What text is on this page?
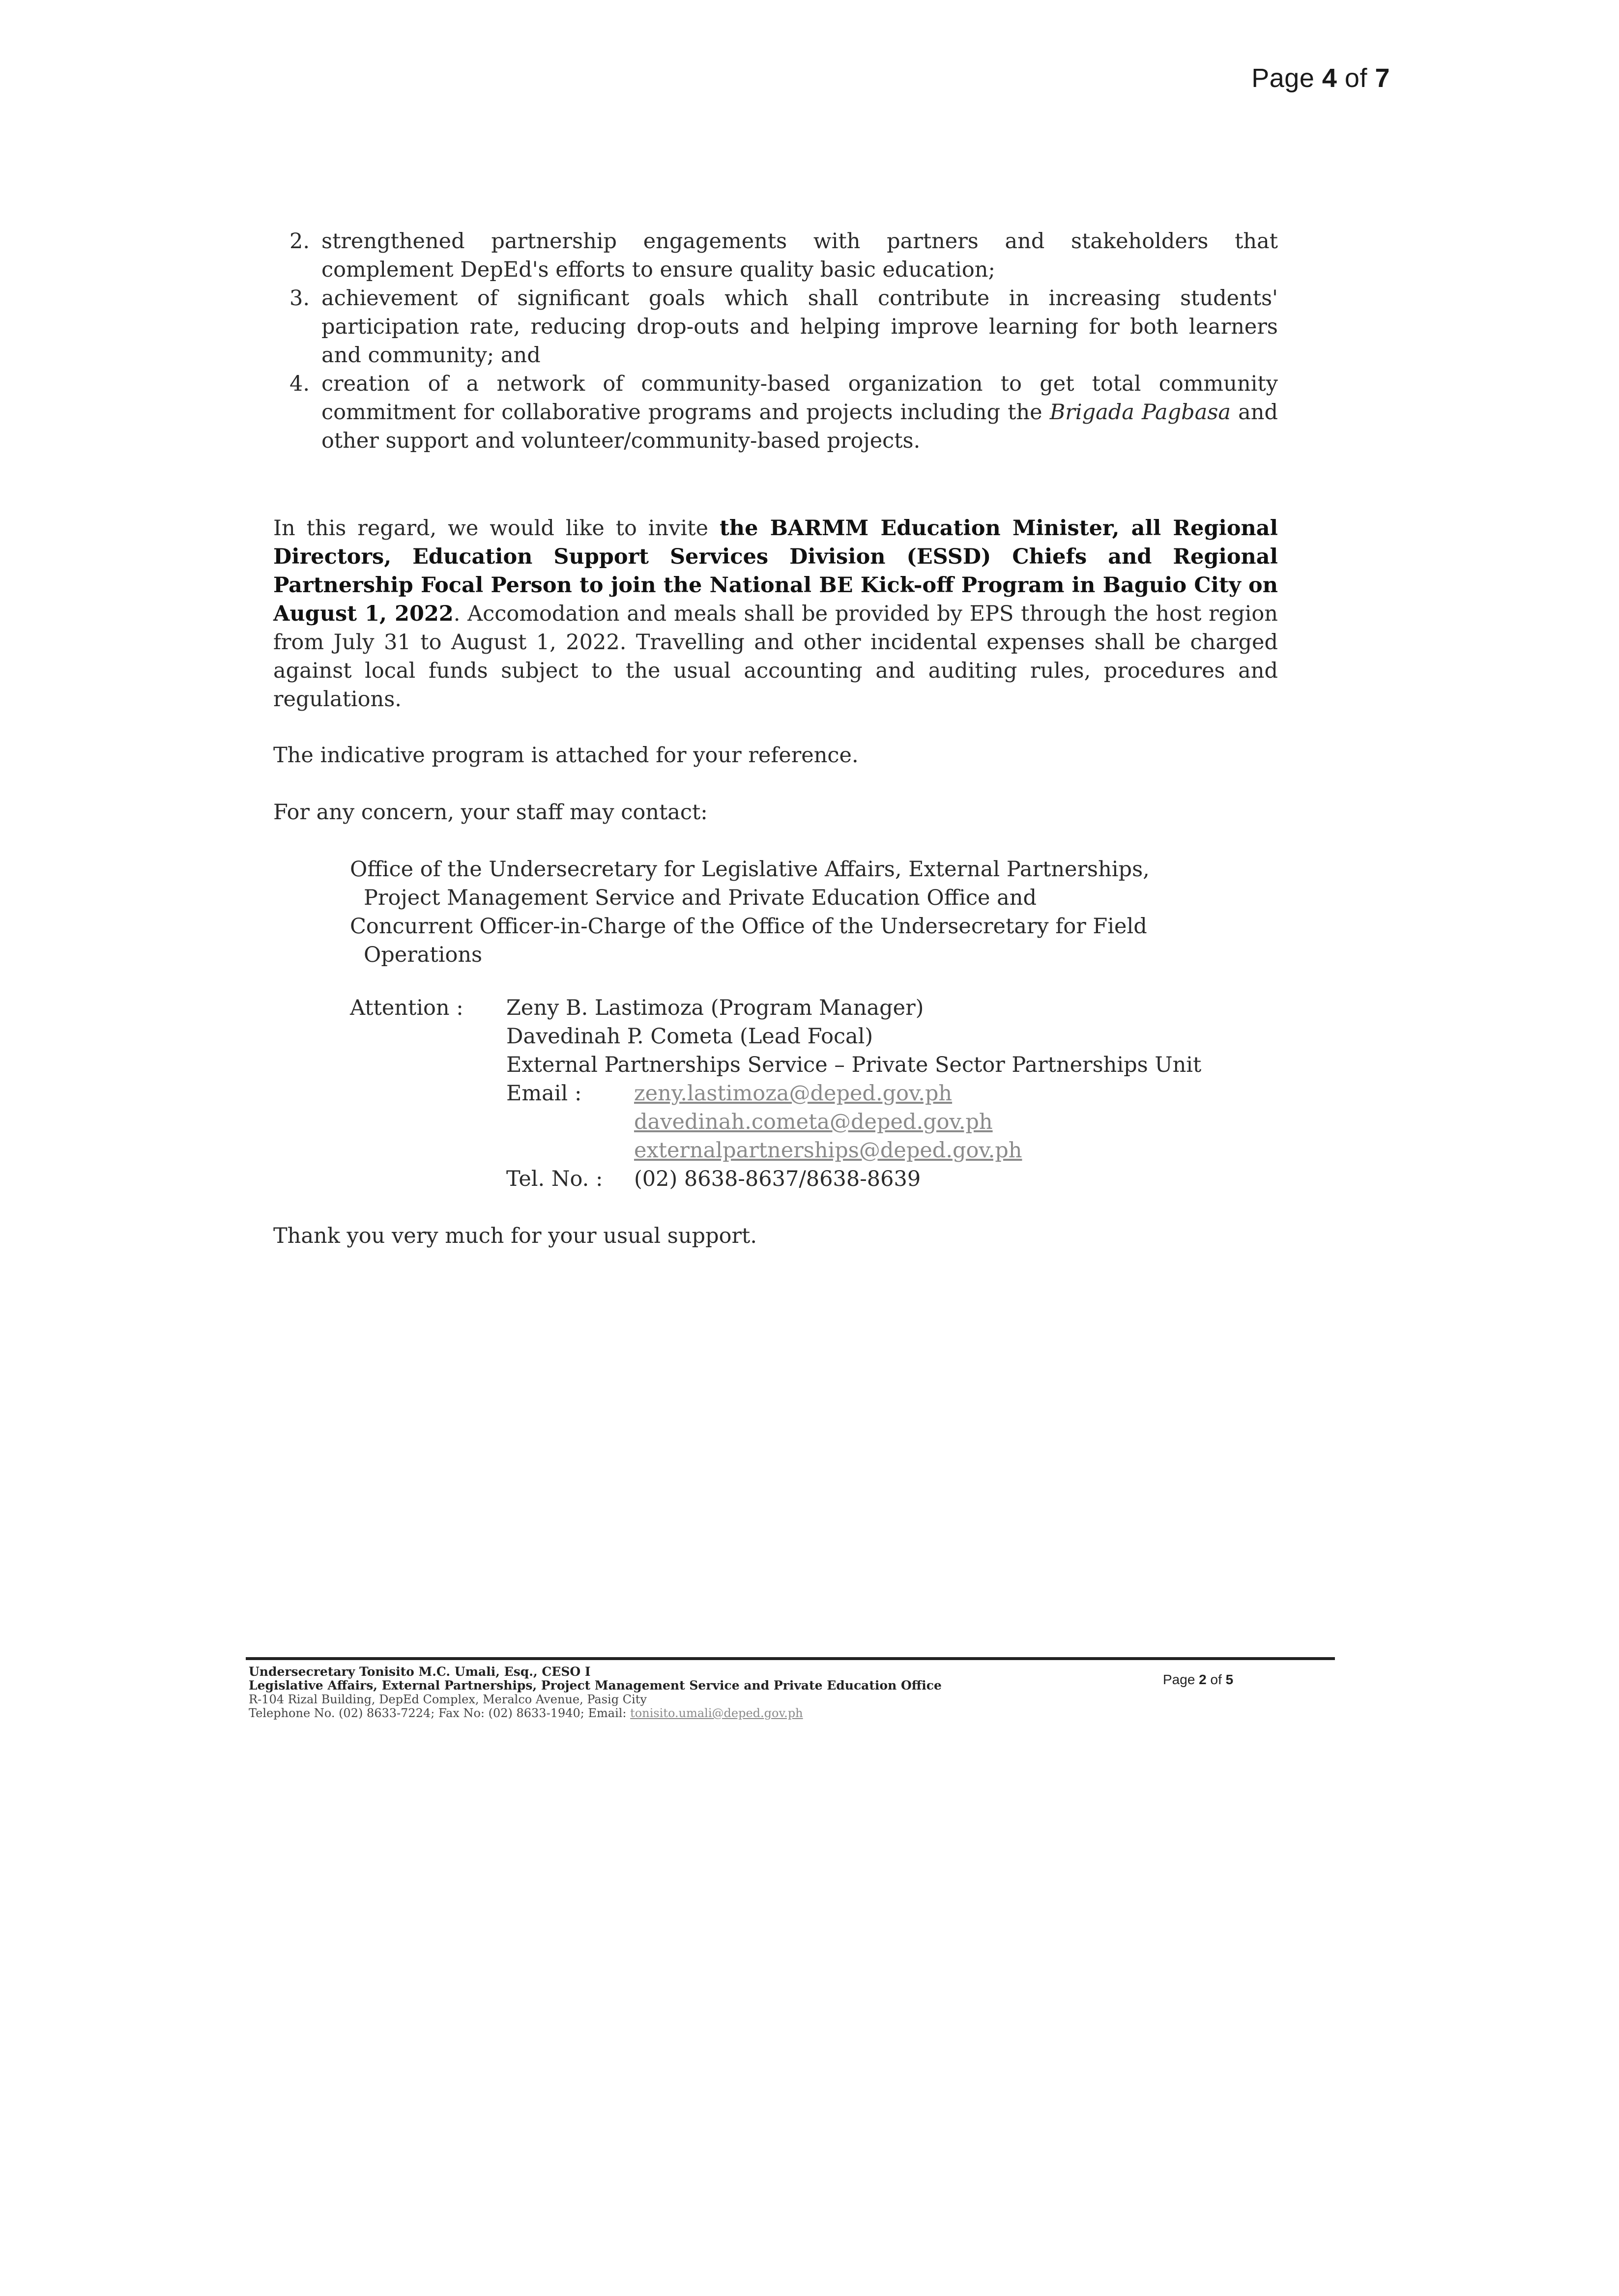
Page 4 of 7
2. strengthened partnership engagements with partners and stakeholders that complement DepEd's efforts to ensure quality basic education;
3. achievement of significant goals which shall contribute in increasing students' participation rate, reducing drop-outs and helping improve learning for both learners and community; and
4. creation of a network of community-based organization to get total community commitment for collaborative programs and projects including the Brigada Pagbasa and other support and volunteer/community-based projects.
In this regard, we would like to invite the BARMM Education Minister, all Regional Directors, Education Support Services Division (ESSD) Chiefs and Regional Partnership Focal Person to join the National BE Kick-off Program in Baguio City on August 1, 2022. Accomodation and meals shall be provided by EPS through the host region from July 31 to August 1, 2022. Travelling and other incidental expenses shall be charged against local funds subject to the usual accounting and auditing rules, procedures and regulations.
The indicative program is attached for your reference.
For any concern, your staff may contact:
Office of the Undersecretary for Legislative Affairs, External Partnerships,
Project Management Service and Private Education Office and
Concurrent Officer-in-Charge of the Office of the Undersecretary for Field
Operations
Attention :	Zeny B. Lastimoza (Program Manager)
Davedinah P. Cometa (Lead Focal)
External Partnerships Service – Private Sector Partnerships Unit
Email : zeny.lastimoza@deped.gov.ph
davedinah.cometa@deped.gov.ph
externalpartnerships@deped.gov.ph
Tel. No. : (02) 8638-8637/8638-8639
Thank you very much for your usual support.
Undersecretary Tonisito M.C. Umali, Esq., CESO I
Legislative Affairs, External Partnerships, Project Management Service and Private Education Office
R-104 Rizal Building, DepEd Complex, Meralco Avenue, Pasig City
Telephone No. (02) 8633-7224; Fax No: (02) 8633-1940; Email: tonisito.umali@deped.gov.ph
Page 2 of 5
